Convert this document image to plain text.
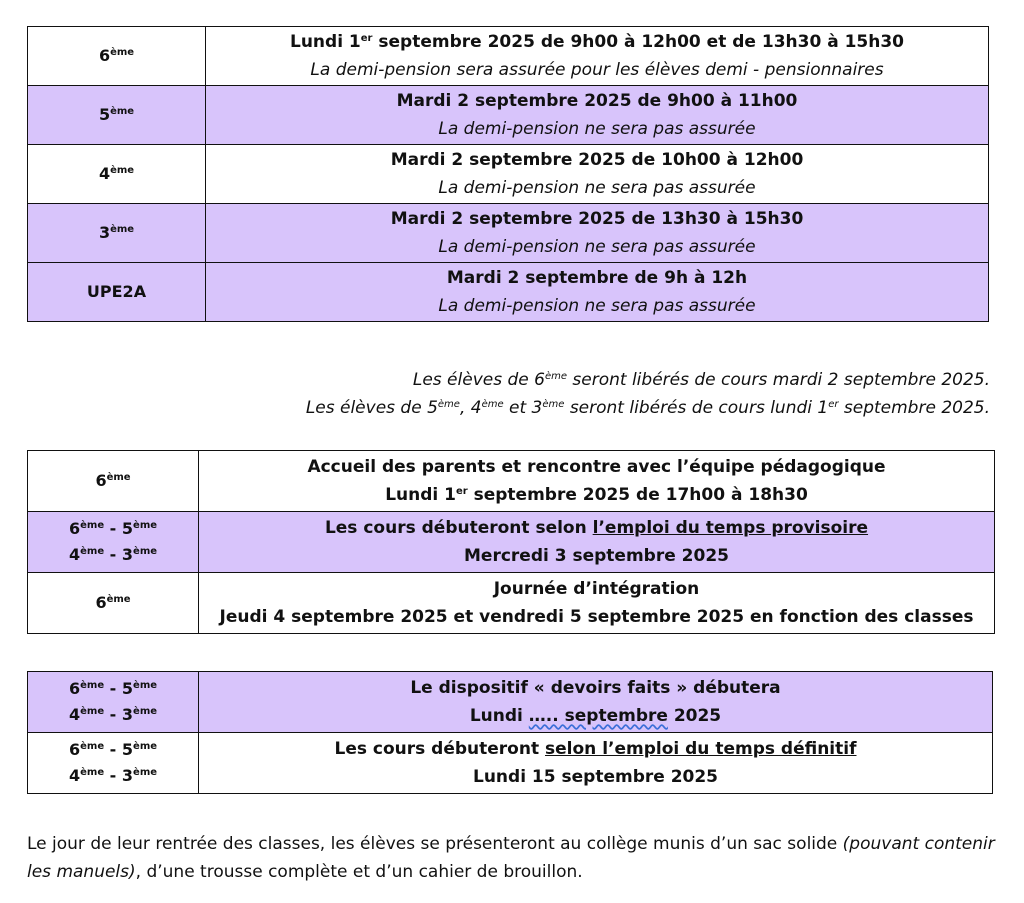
6ème	Lundi 1er septembre 2025 de 9h00 à 12h00 et de 13h30 à 15h30
La demi-pension sera assurée pour les élèves demi - pensionnaires

5ème	Mardi 2 septembre 2025 de 9h00 à 11h00
La demi-pension ne sera pas assurée

4ème	Mardi 2 septembre 2025 de 10h00 à 12h00
La demi-pension ne sera pas assurée

3ème	Mardi 2 septembre 2025 de 13h30 à 15h30
La demi-pension ne sera pas assurée

UPE2A	Mardi 2 septembre de 9h à 12h
La demi-pension ne sera pas assurée
Les élèves de 6ème seront libérés de cours mardi 2 septembre 2025.
Les élèves de 5ème, 4ème et 3ème seront libérés de cours lundi 1er septembre 2025.
6ème	Accueil des parents et rencontre avec l’équipe pédagogique
Lundi 1er septembre 2025 de 17h00 à 18h30

6ème - 5ème
4ème - 3ème	Les cours débuteront selon l’emploi du temps provisoire
Mercredi 3 septembre 2025

6ème	Journée d’intégration
Jeudi 4 septembre 2025 et vendredi 5 septembre 2025 en fonction des classes
6ème - 5ème
4ème - 3ème	Le dispositif « devoirs faits » débutera
Lundi ….. septembre 2025

6ème - 5ème
4ème - 3ème	Les cours débuteront selon l’emploi du temps définitif
Lundi 15 septembre 2025
Le jour de leur rentrée des classes, les élèves se présenteront au collège munis d’un sac solide (pouvant contenir les manuels), d’une trousse complète et d’un cahier de brouillon.
